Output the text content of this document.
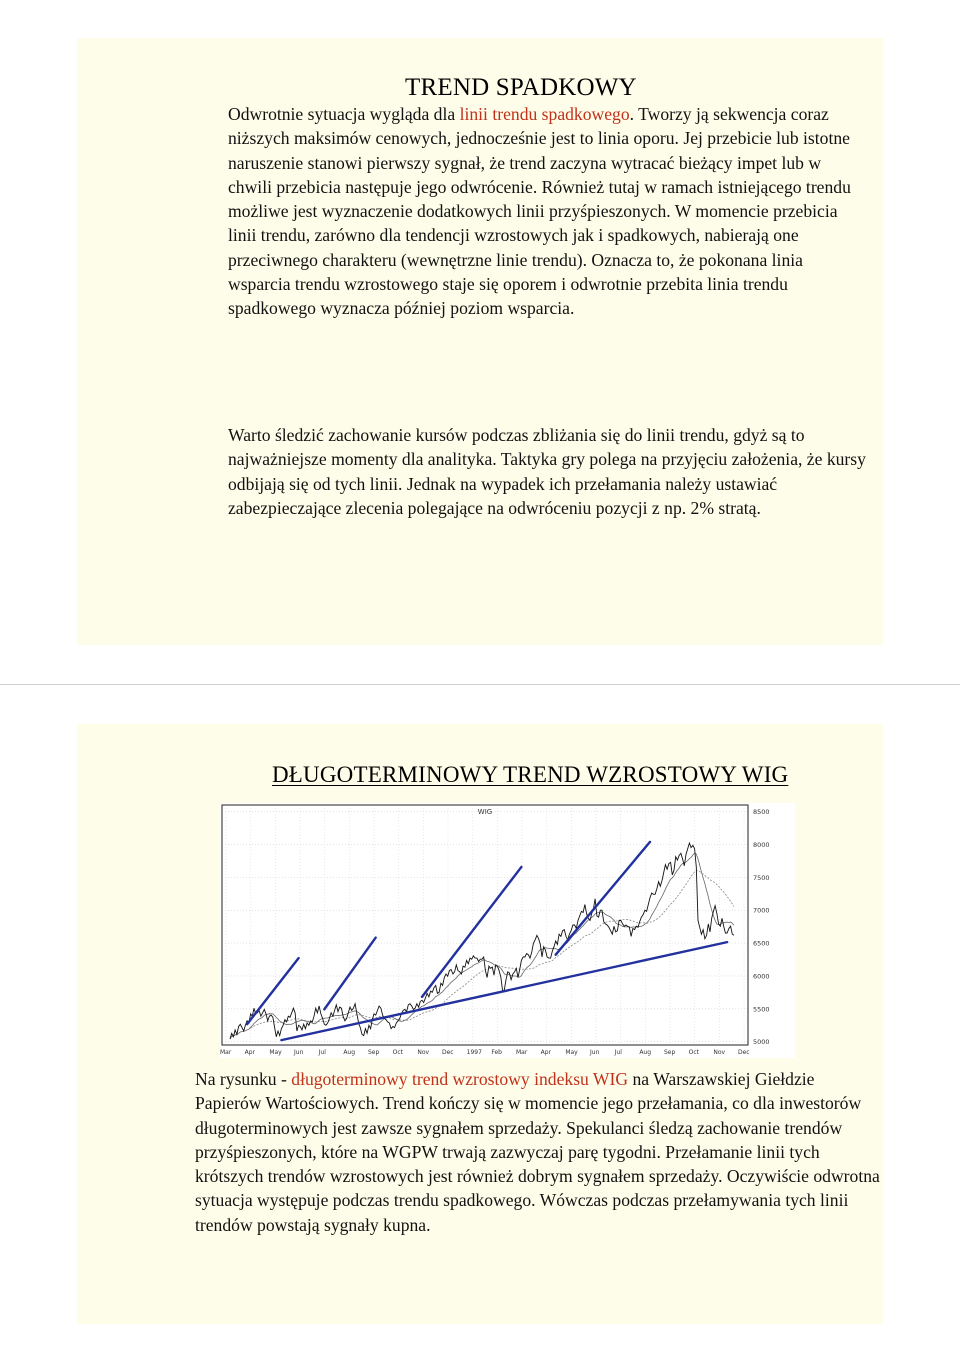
TREND SPADKOWY

Odwrotnie sytuacja wygląda dla linii trendu spadkowego. Tworzy ją sekwencja coraz niższych maksimów cenowych, jednocześnie jest to linia oporu. Jej przebicie lub istotne naruszenie stanowi pierwszy sygnał, że trend zaczyna wytracać bieżący impet lub w chwili przebicia następuje jego odwrócenie. Również tutaj w ramach istniejącego trendu możliwe jest wyznaczenie dodatkowych linii przyśpieszonych. W momencie przebicia linii trendu, zarówno dla tendencji wzrostowych jak i spadkowych, nabierają one przeciwnego charakteru (wewnętrzne linie trendu). Oznacza to, że pokonana linia wsparcia trendu wzrostowego staje się oporem i odwrotnie przebita linia trendu spadkowego wyznacza później poziom wsparcia.

Warto śledzić zachowanie kursów podczas zbliżania się do linii trendu, gdyż są to najważniejsze momenty dla analityka. Taktyka gry polega na przyjęciu założenia, że kursy odbijają się od tych linii. Jednak na wypadek ich przełamania należy ustawiać zabezpieczające zlecenia polegające na odwróceniu pozycji z np. 2% stratą.

DŁUGOTERMINOWY TREND WZROSTOWY WIG
WIG
5000
5500
6000
6500
7000
7500
8000
8500
Mar Apr May Jun	Jul	Aug Sep Oct Nov Dec 1997 Feb Mar Apr May Jun	Jul	Aug Sep Oct Nov Dec

Na rysunku - długoterminowy trend wzrostowy indeksu WIG na Warszawskiej Giełdzie Papierów Wartościowych. Trend kończy się w momencie jego przełamania, co dla inwestorów długoterminowych jest zawsze sygnałem sprzedaży. Spekulanci śledzą zachowanie trendów przyśpieszonych, które na WGPW trwają zazwyczaj parę tygodni. Przełamanie linii tych krótszych trendów wzrostowych jest również dobrym sygnałem sprzedaży. Oczywiście odwrotna sytuacja występuje podczas trendu spadkowego. Wówczas podczas przełamywania tych linii trendów powstają sygnały kupna.
